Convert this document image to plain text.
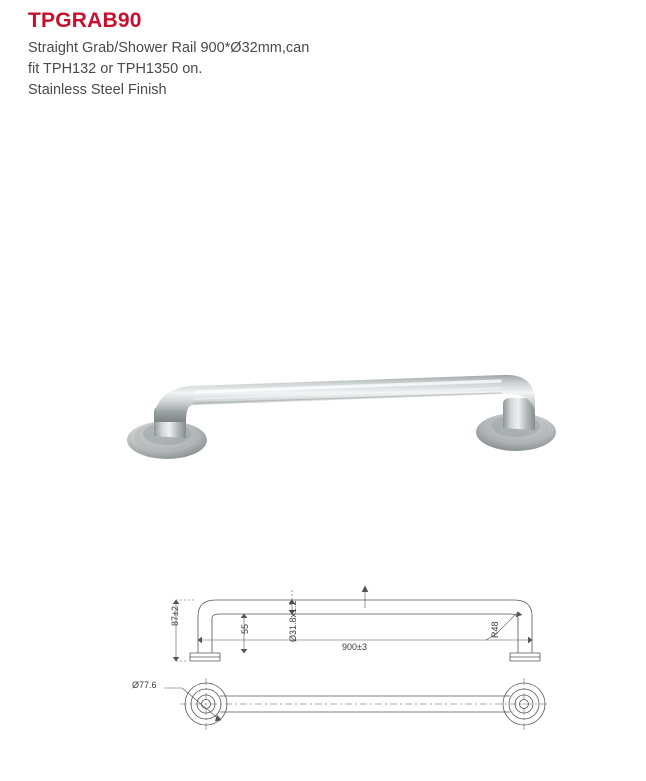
TPGRAB90
Straight Grab/Shower Rail 900*Ø32mm,can
fit TPH132 or TPH1350 on.
Stainless Steel Finish
87±2
55	Ø31.8x1.2
900±3
R48
Ø77.6
